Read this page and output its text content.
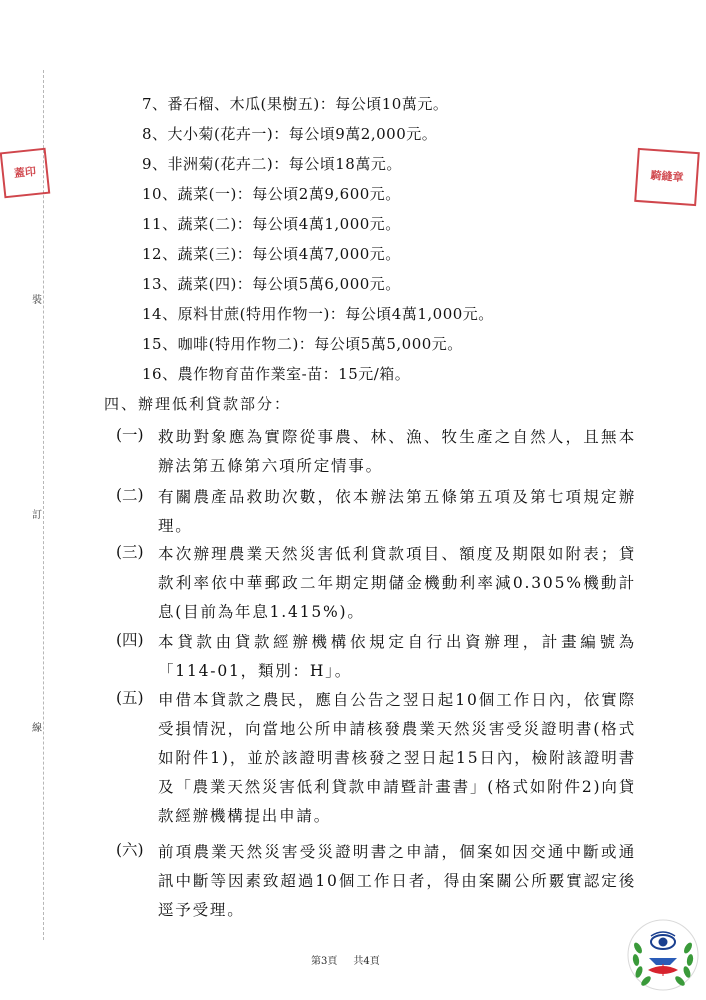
裝
訂
線
蓋印	騎縫章
7、番石榴、木瓜(果樹五)：每公頃10萬元。
8、大小菊(花卉一)：每公頃9萬2,000元。
9、非洲菊(花卉二)：每公頃18萬元。
10、蔬菜(一)：每公頃2萬9,600元。
11、蔬菜(二)：每公頃4萬1,000元。
12、蔬菜(三)：每公頃4萬7,000元。
13、蔬菜(四)：每公頃5萬6,000元。
14、原料甘蔗(特用作物一)：每公頃4萬1,000元。
15、咖啡(特用作物二)：每公頃5萬5,000元。
16、農作物育苗作業室-苗：15元/箱。
四、辦理低利貸款部分：
(一) 救助對象應為實際從事農、林、漁、牧生產之自然人，且無本辦法第五條第六項所定情事。
(二) 有關農產品救助次數，依本辦法第五條第五項及第七項規定辦理。
(三) 本次辦理農業天然災害低利貸款項目、額度及期限如附表；貸款利率依中華郵政二年期定期儲金機動利率減0.305%機動計息(目前為年息1.415%)。
(四) 本貸款由貸款經辦機構依規定自行出資辦理，計畫編號為「114-01，類別：H」。
(五) 申借本貸款之農民，應自公告之翌日起10個工作日內，依實際受損情況，向當地公所申請核發農業天然災害受災證明書(格式如附件1)，並於該證明書核發之翌日起15日內，檢附該證明書及「農業天然災害低利貸款申請暨計畫書」(格式如附件2)向貸款經辦機構提出申請。
(六) 前項農業天然災害受災證明書之申請，個案如因交通中斷或通訊中斷等因素致超過10個工作日者，得由案關公所覈實認定後逕予受理。
第3頁 共4頁
